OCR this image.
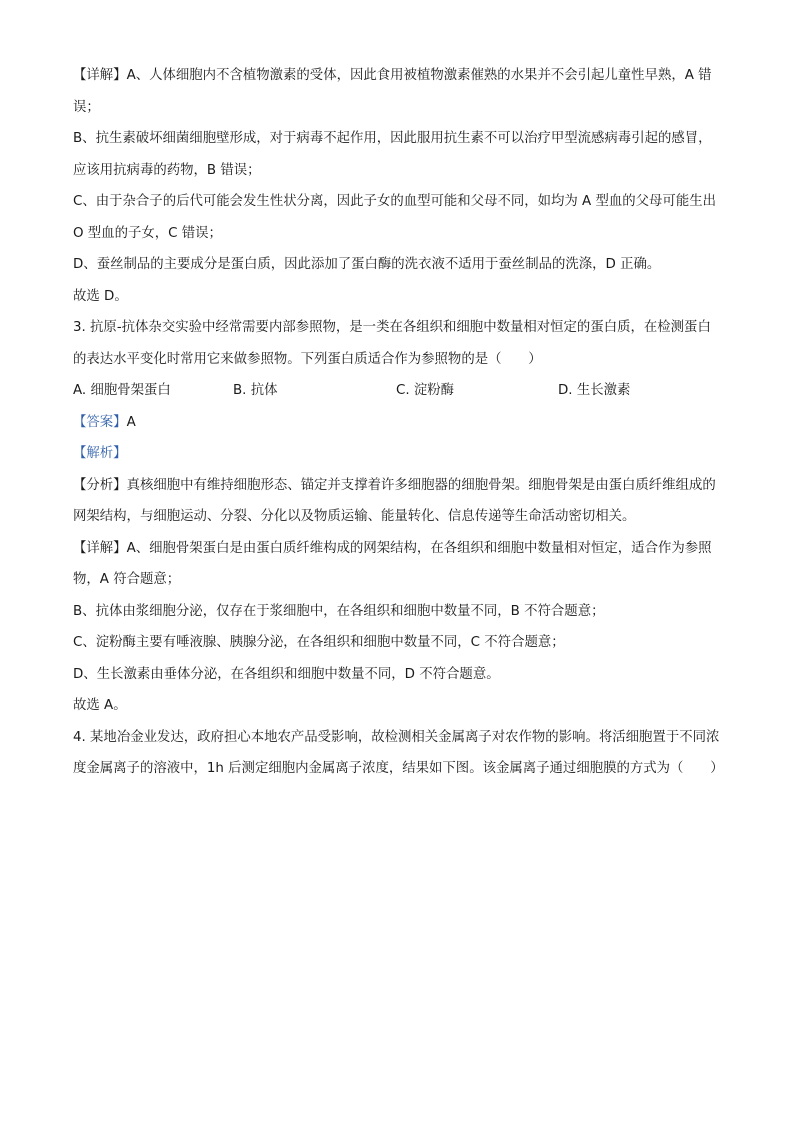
【详解】A、人体细胞内不含植物激素的受体，因此食用被植物激素催熟的水果并不会引起儿童性早熟，A 错误；

B、抗生素破坏细菌细胞壁形成，对于病毒不起作用，因此服用抗生素不可以治疗甲型流感病毒引起的感冒，应该用抗病毒的药物，B 错误；

C、由于杂合子的后代可能会发生性状分离，因此子女的血型可能和父母不同，如均为 A 型血的父母可能生出 O 型血的子女，C 错误；

D、蚕丝制品的主要成分是蛋白质，因此添加了蛋白酶的洗衣液不适用于蚕丝制品的洗涤，D 正确。

故选 D。

3. 抗原-抗体杂交实验中经常需要内部参照物，是一类在各组织和细胞中数量相对恒定的蛋白质，在检测蛋白的表达水平变化时常用它来做参照物。下列蛋白质适合作为参照物的是（　　）

A. 细胞骨架蛋白	B. 抗体	C. 淀粉酶	D. 生长激素

【答案】A

【解析】

【分析】真核细胞中有维持细胞形态、锚定并支撑着许多细胞器的细胞骨架。细胞骨架是由蛋白质纤维组成的网架结构，与细胞运动、分裂、分化以及物质运输、能量转化、信息传递等生命活动密切相关。

【详解】A、细胞骨架蛋白是由蛋白质纤维构成的网架结构，在各组织和细胞中数量相对恒定，适合作为参照物，A 符合题意；

B、抗体由浆细胞分泌，仅存在于浆细胞中，在各组织和细胞中数量不同，B 不符合题意；

C、淀粉酶主要有唾液腺、胰腺分泌，在各组织和细胞中数量不同，C 不符合题意；

D、生长激素由垂体分泌，在各组织和细胞中数量不同，D 不符合题意。

故选 A。

4. 某地冶金业发达，政府担心本地农产品受影响，故检测相关金属离子对农作物的影响。将活细胞置于不同浓度金属离子的溶液中，1h 后测定细胞内金属离子浓度，结果如下图。该金属离子通过细胞膜的方式为（　　）
